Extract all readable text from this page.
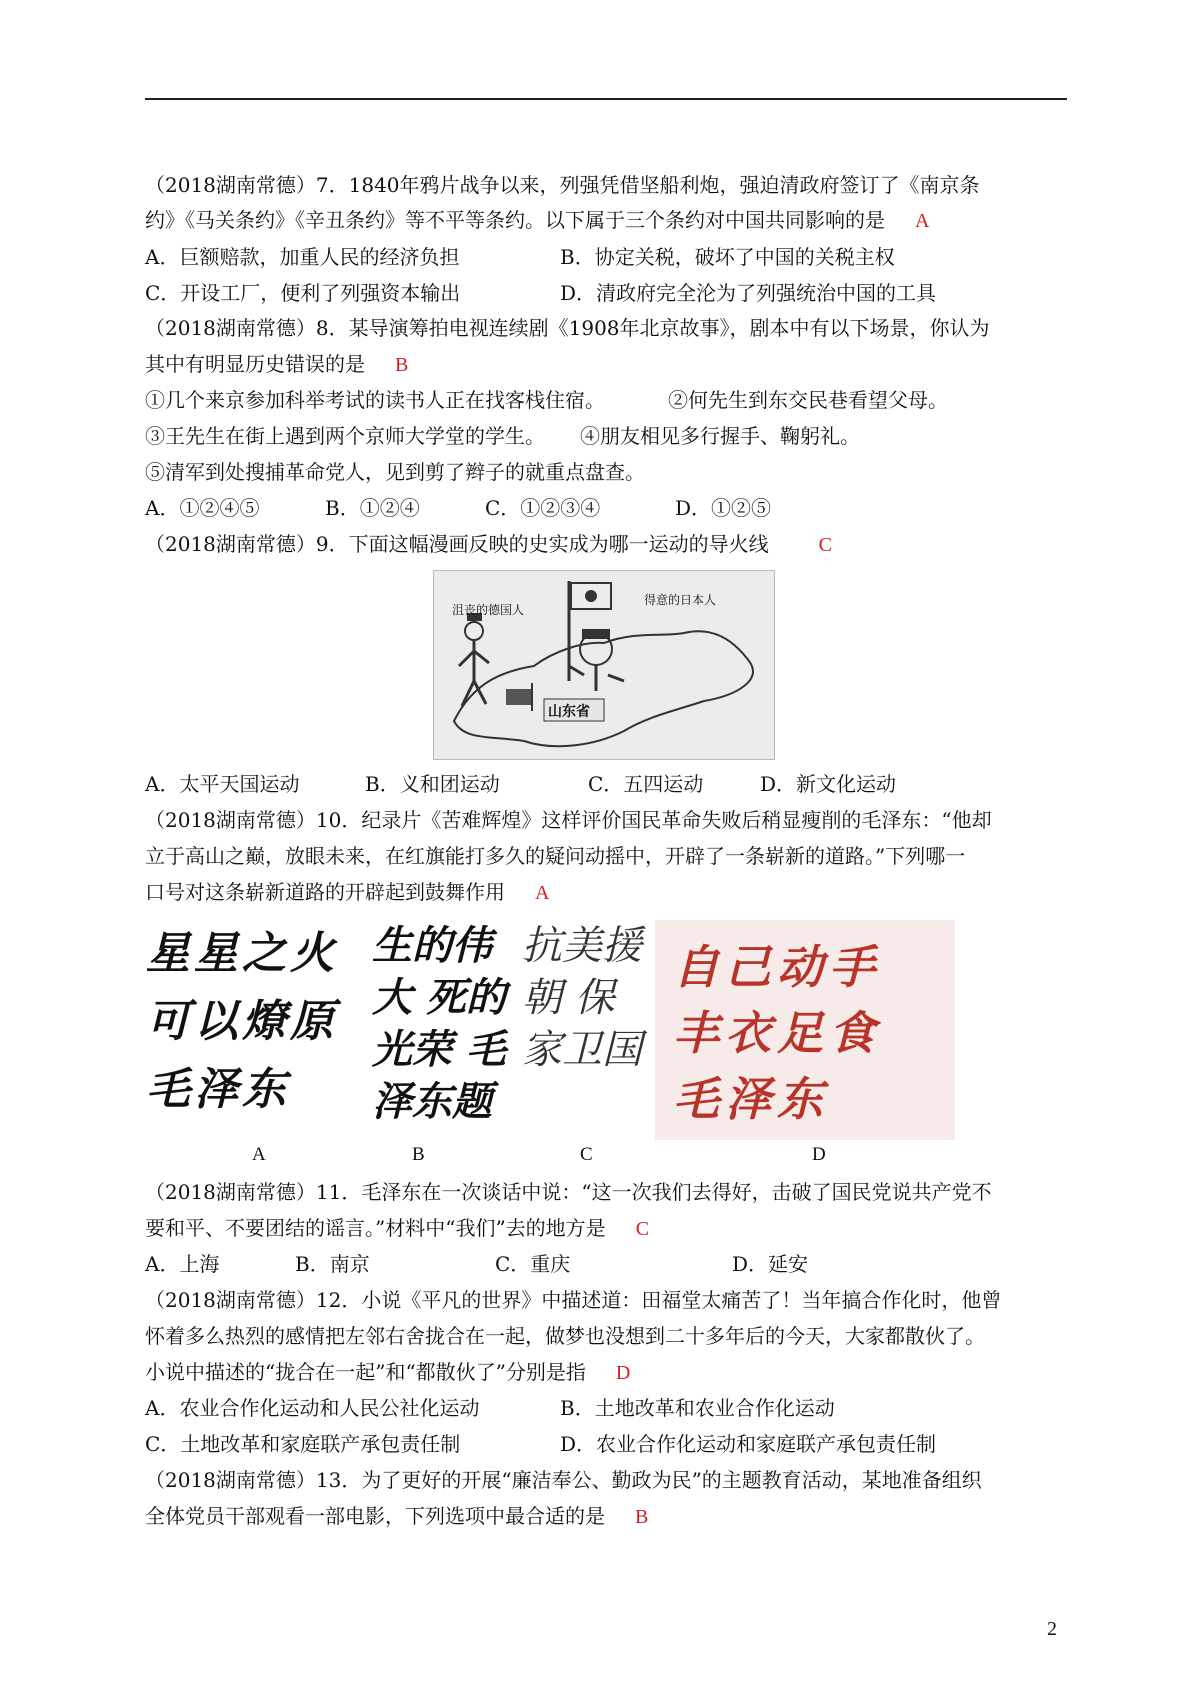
（2018湖南常德）7．1840年鸦片战争以来，列强凭借坚船利炮，强迫清政府签订了《南京条
约》《马关条约》《辛丑条约》等不平等条约。以下属于三个条约对中国共同影响的是 A
A．巨额赔款，加重人民的经济负担	B．协定关税，破坏了中国的关税主权
C．开设工厂，便利了列强资本输出	D．清政府完全沦为了列强统治中国的工具
（2018湖南常德）8．某导演筹拍电视连续剧《1908年北京故事》，剧本中有以下场景，你认为
其中有明显历史错误的是 B
①几个来京参加科举考试的读书人正在找客栈住宿。	②何先生到东交民巷看望父母。
③王先生在街上遇到两个京师大学堂的学生。 ④朋友相见多行握手、鞠躬礼。
⑤清军到处搜捕革命党人，见到剪了辫子的就重点盘查。
A．①②④⑤	B．①②④	C．①②③④	D．①②⑤
（2018湖南常德）9．下面这幅漫画反映的史实成为哪一运动的导火线	C
沮丧的德国人
得意的日本人
山东省
A．太平天国运动	B．义和团运动	C．五四运动	D．新文化运动
（2018湖南常德）10．纪录片《苦难辉煌》这样评价国民革命失败后稍显瘦削的毛泽东：“他却
立于高山之巅，放眼未来，在红旗能打多久的疑问动摇中，开辟了一条崭新的道路。”下列哪一
口号对这条崭新道路的开辟起到鼓舞作用 A
星星之火 可以燎原 毛泽东
生的伟大 死的光荣 毛泽东题
抗美援朝 保家卫国
自己动手 丰衣足食 毛泽东
A	B	C	D
（2018湖南常德）11．毛泽东在一次谈话中说：“这一次我们去得好，击破了国民党说共产党不
要和平、不要团结的谣言。”材料中“我们”去的地方是 C
A．上海	B．南京	C．重庆	D．延安
（2018湖南常德）12．小说《平凡的世界》中描述道：田福堂太痛苦了！当年搞合作化时，他曾
怀着多么热烈的感情把左邻右舍拢合在一起，做梦也没想到二十多年后的今天，大家都散伙了。
小说中描述的“拢合在一起”和“都散伙了”分别是指 D
A．农业合作化运动和人民公社化运动	B．土地改革和农业合作化运动
C．土地改革和家庭联产承包责任制	D．农业合作化运动和家庭联产承包责任制
（2018湖南常德）13．为了更好的开展“廉洁奉公、勤政为民”的主题教育活动，某地准备组织
全体党员干部观看一部电影，下列选项中最合适的是 B
2
